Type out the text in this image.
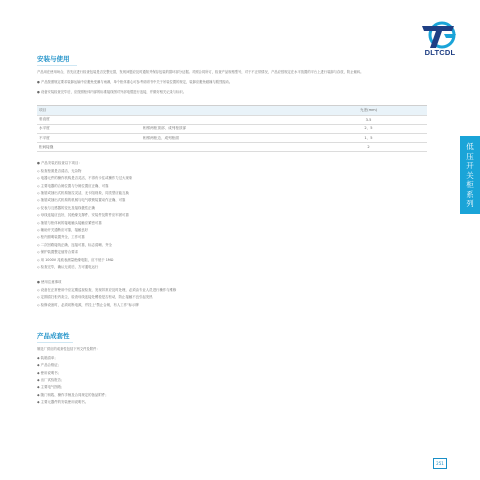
DLTCDL
低压开关柜系列
安装与使用

产品用在使用场合，首先应进行检查包装是否完整无损，发现问题应及时通知并保存包装的损坏部分证据。对照合同所订，检查产品规格型号，对于不正常情况，产品应按规定在水平放置的平台上进行装卸与存放，防止倾斜。

● 产品按照规定要求装卸运输中应避免受潮与雨淋，单个柜体重心可参考说明书中关于吊装位置的规定，装卸应避免碰撞与剧烈振动。

● 设备安装检查完毕后，应按照柜体内部的标准接线图对外部电缆进行连接，并做好相关记录与标识。

项目		允差(mm)
垂直度		3.5
水平度	相邻两柜顶部、成列柜顶部	2、5
不平度	相邻两柜边、成列柜面	1、5
柜间接缝		2
● 产品安装后检查以下项目：
◇ 检查柜面是否清洁，无杂物
◇ 电器元件的操作机构是否灵活，不得有卡住或操作力过大现象
◇ 主要电器的合闸位置与分闸位置应正确、可靠
◇ 抽屉或抽出式机构抽拉灵活，无卡阻现象，同类型应能互换
◇ 抽屉或抽出式机构的机械与电气联锁装置动作正确、可靠
◇ 仪表与互感器的变比及接线极性正确
◇ 母线连接应良好，其绝缘支撑件、安装件及附件应牢固可靠
◇ 抽屉与柜体间的接地触头接触应紧密可靠
◇ 辅助开关通断应可靠，接触良好
◇ 柜内照明装置齐全，工作可靠
◇ 二次回路接线正确，连接可靠，标志清晰、齐全
◇ 保护装置整定值符合要求
◇ 用 1000V 兆欧表测量绝缘电阻，应不低于 1MΩ
◇ 检查完毕，确认无误后，方可通电运行
● 使用注意事项
◇ 设备在正常使用中应定期巡视检查，发现异常应及时处理，必须由专业人员进行操作与维修
◇ 定期清扫柜内灰尘，检查母线连接处螺栓是否松动，防止接触不良引起发热
◇ 检修设备时，必须切断电源，并挂上"禁止合闸，有人工作"标示牌
产品成套性

制造厂供应的成套性包括下列文件及附件：

◆ 装箱清单；
◆ 产品合格证；
◆ 使用说明书；
◆ 出厂试验报告；
◆ 主要电气图纸；
◆ 随门钥匙、操作手柄及合同规定的备品附件；
◆ 主要元器件的安装使用说明书。
251
